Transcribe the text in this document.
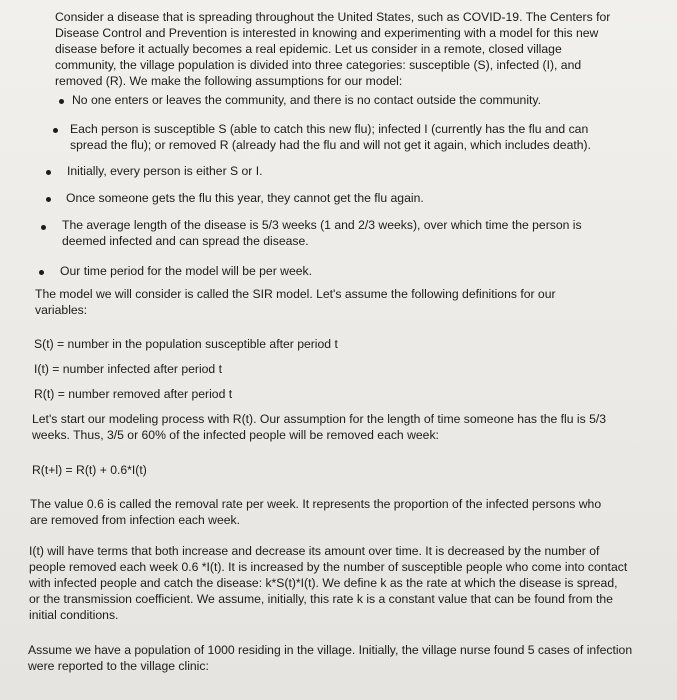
Consider a disease that is spreading throughout the United States, such as COVID-19. The Centers for Disease Control and Prevention is interested in knowing and experimenting with a model for this new disease before it actually becomes a real epidemic. Let us consider in a remote, closed village community, the village population is divided into three categories: susceptible (S), infected (I), and removed (R). We make the following assumptions for our model:

No one enters or leaves the community, and there is no contact outside the community.
Each person is susceptible S (able to catch this new flu); infected I (currently has the flu and can spread the flu); or removed R (already had the flu and will not get it again, which includes death).
Initially, every person is either S or I.
Once someone gets the flu this year, they cannot get the flu again.
The average length of the disease is 5/3 weeks (1 and 2/3 weeks), over which time the person is deemed infected and can spread the disease.
Our time period for the model will be per week.

The model we will consider is called the SIR model. Let's assume the following definitions for our variables:

S(t) = number in the population susceptible after period t

I(t) = number infected after period t

R(t) = number removed after period t

Let's start our modeling process with R(t). Our assumption for the length of time someone has the flu is 5/3 weeks. Thus, 3/5 or 60% of the infected people will be removed each week:

R(t+l) = R(t) + 0.6*I(t)

The value 0.6 is called the removal rate per week. It represents the proportion of the infected persons who are removed from infection each week.

I(t) will have terms that both increase and decrease its amount over time. It is decreased by the number of people removed each week 0.6 *I(t). It is increased by the number of susceptible people who come into contact with infected people and catch the disease: k*S(t)*I(t). We define k as the rate at which the disease is spread, or the transmission coefficient. We assume, initially, this rate k is a constant value that can be found from the initial conditions.

Assume we have a population of 1000 residing in the village. Initially, the village nurse found 5 cases of infection were reported to the village clinic:
